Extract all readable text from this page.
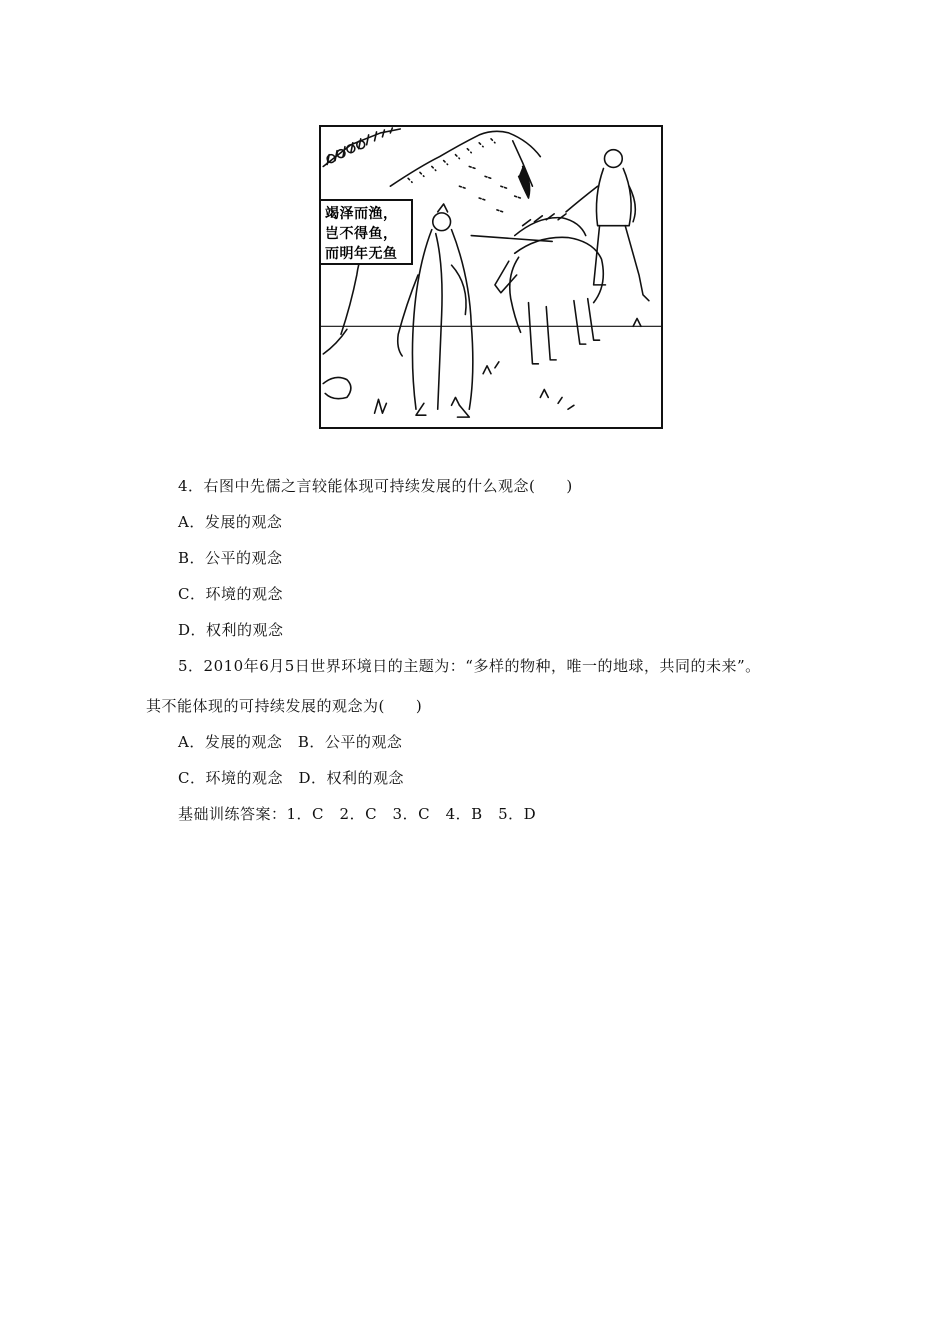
竭泽而渔，
岂不得鱼，
而明年无鱼
4．右图中先儒之言较能体现可持续发展的什么观念(　　)
A．发展的观念
B．公平的观念
C．环境的观念
D．权利的观念
5．2010年6月5日世界环境日的主题为：“多样的物种，唯一的地球，共同的未来”。
其不能体现的可持续发展的观念为(　　)
A．发展的观念　B．公平的观念
C．环境的观念　D．权利的观念
基础训练答案：1．C　2．C　3．C　4．B　5．D
